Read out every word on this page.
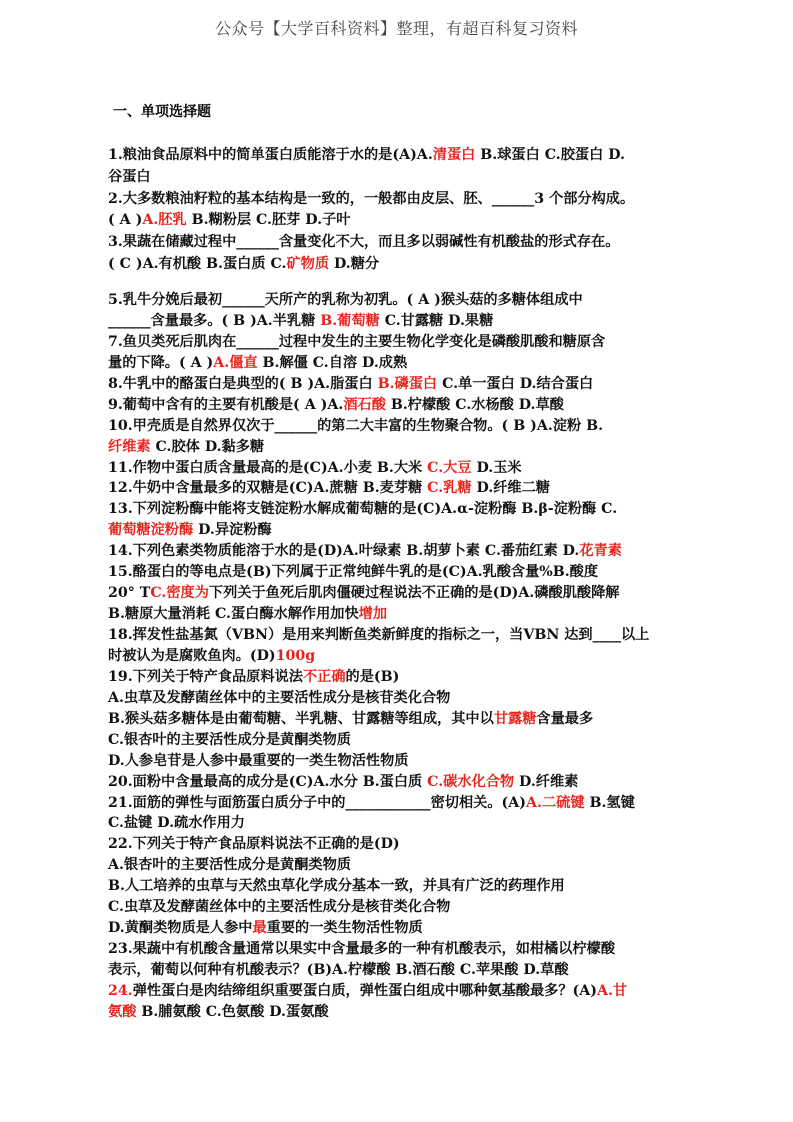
公众号【大学百科资料】整理，有超百科复习资料
一、单项选择题
1.粮油食品原料中的简单蛋白质能溶于水的是(A)A.清蛋白 B.球蛋白 C.胶蛋白 D.
谷蛋白
2.大多数粮油籽粒的基本结构是一致的，一般都由皮层、胚、______3 个部分构成。
( A )A.胚乳 B.糊粉层 C.胚芽 D.子叶
3.果蔬在储藏过程中______含量变化不大，而且多以弱碱性有机酸盐的形式存在。
( C )A.有机酸 B.蛋白质 C.矿物质 D.糖分
5.乳牛分娩后最初______天所产的乳称为初乳。( A )猴头菇的多糖体组成中
______含量最多。( B )A.半乳糖 B.葡萄糖 C.甘露糖 D.果糖
7.鱼贝类死后肌肉在______过程中发生的主要生物化学变化是磷酸肌酸和糖原含
量的下降。( A )A.僵直 B.解僵 C.自溶 D.成熟
8.牛乳中的酪蛋白是典型的( B )A.脂蛋白 B.磷蛋白 C.单一蛋白 D.结合蛋白
9.葡萄中含有的主要有机酸是( A )A.酒石酸 B.柠檬酸 C.水杨酸 D.草酸
10.甲壳质是自然界仅次于______的第二大丰富的生物聚合物。( B )A.淀粉 B.
纤维素 C.胶体 D.黏多糖
11.作物中蛋白质含量最高的是(C)A.小麦 B.大米 C.大豆 D.玉米
12.牛奶中含量最多的双糖是(C)A.蔗糖 B.麦芽糖 C.乳糖 D.纤维二糖
13.下列淀粉酶中能将支链淀粉水解成葡萄糖的是(C)A.α-淀粉酶 B.β-淀粉酶 C.
葡萄糖淀粉酶 D.异淀粉酶
14.下列色素类物质能溶于水的是(D)A.叶绿素 B.胡萝卜素 C.番茄红素 D.花青素
15.酪蛋白的等电点是(B)下列属于正常纯鲜牛乳的是(C)A.乳酸含量%B.酸度
20° TC.密度为下列关于鱼死后肌肉僵硬过程说法不正确的是(D)A.磷酸肌酸降解
B.糖原大量消耗 C.蛋白酶水解作用加快增加
18.挥发性盐基氮（VBN）是用来判断鱼类新鲜度的指标之一，当VBN 达到____以上
时被认为是腐败鱼肉。(D)100g
19.下列关于特产食品原料说法不正确的是(B)
A.虫草及发酵菌丝体中的主要活性成分是核苷类化合物
B.猴头菇多糖体是由葡萄糖、半乳糖、甘露糖等组成，其中以甘露糖含量最多
C.银杏叶的主要活性成分是黄酮类物质
D.人参皂苷是人参中最重要的一类生物活性物质
20.面粉中含量最高的成分是(C)A.水分 B.蛋白质 C.碳水化合物 D.纤维素
21.面筋的弹性与面筋蛋白质分子中的____________密切相关。(A)A.二硫键 B.氢键
C.盐键 D.疏水作用力
22.下列关于特产食品原料说法不正确的是(D)
A.银杏叶的主要活性成分是黄酮类物质
B.人工培养的虫草与天然虫草化学成分基本一致，并具有广泛的药理作用
C.虫草及发酵菌丝体中的主要活性成分是核苷类化合物
D.黄酮类物质是人参中最重要的一类生物活性物质
23.果蔬中有机酸含量通常以果实中含量最多的一种有机酸表示，如柑橘以柠檬酸
表示，葡萄以何种有机酸表示？(B)A.柠檬酸 B.酒石酸 C.苹果酸 D.草酸
24.弹性蛋白是肉结缔组织重要蛋白质，弹性蛋白组成中哪种氨基酸最多？(A)A.甘
氨酸 B.脯氨酸 C.色氨酸 D.蛋氨酸
